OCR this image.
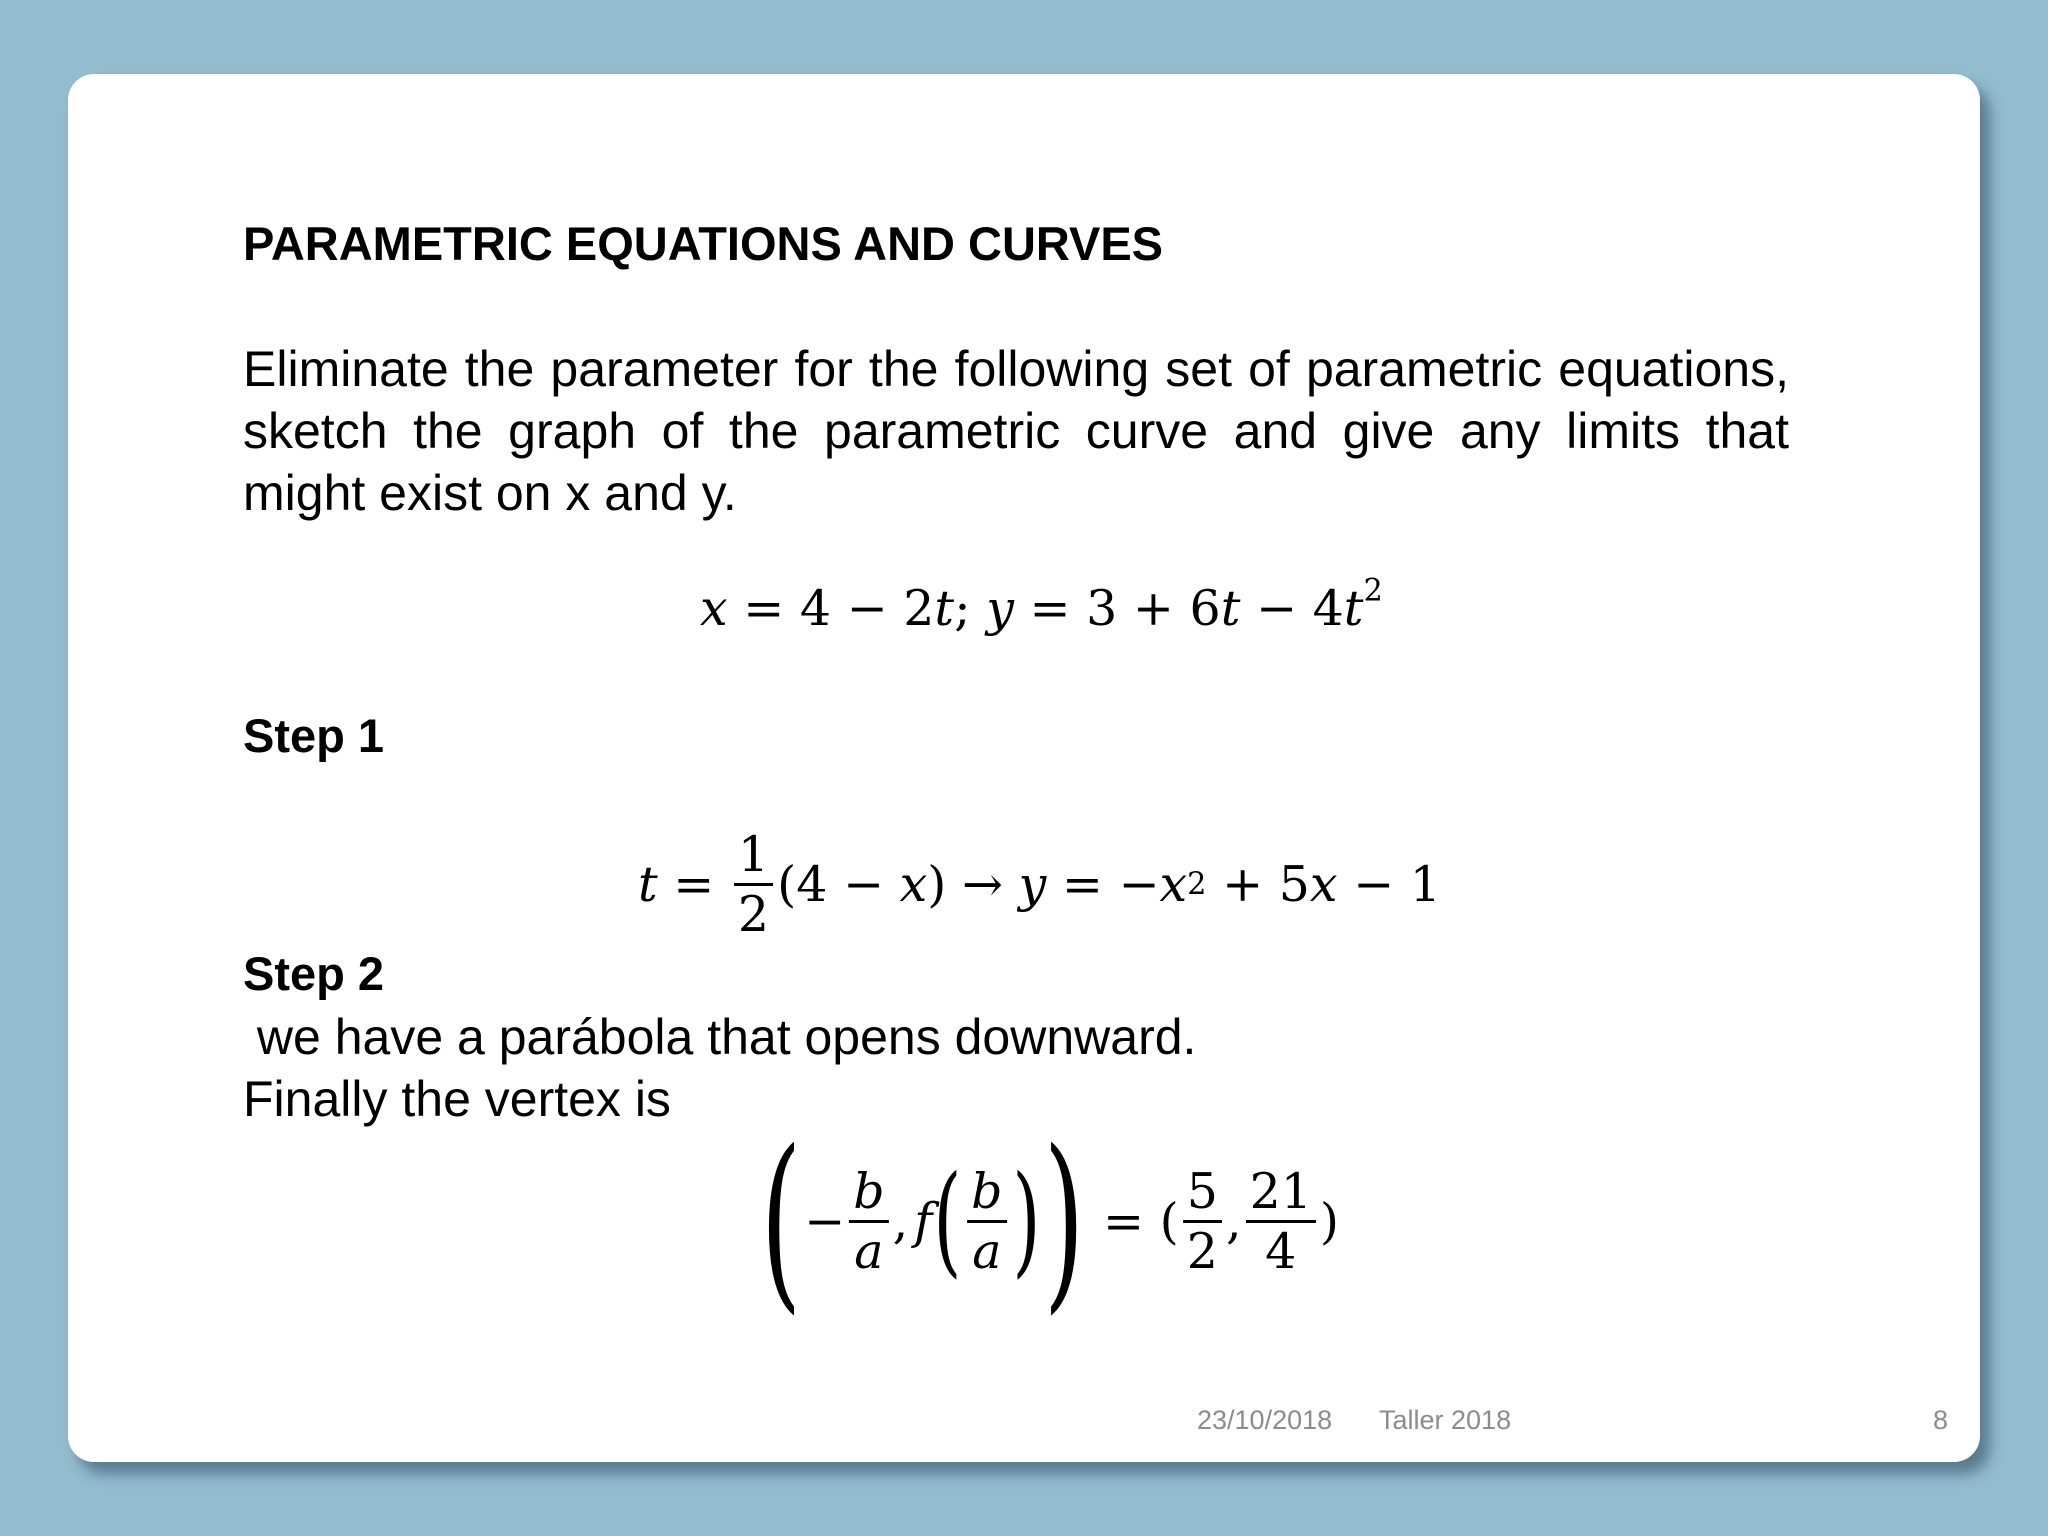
PARAMETRIC EQUATIONS AND CURVES
Eliminate the parameter for the following set of parametric equations, sketch the graph of the parametric curve and give any limits that might exist on x and y.
x = 4 − 2t; $y = 3 + 6t - 4t^2$
Step 1
$t = \frac{1}{2} (4 - x$ ) → y = − x 2 + 5 x − 1
Step 2
we have a parábola that opens downward.
Finally the vertex is
( − $\frac{b}{a}$ , f ( $\frac{b}{a}$ ) ) = ( $\frac{5}{2}$ , $\frac{21}{4}$ )
23/10/2018 Taller 2018	8
